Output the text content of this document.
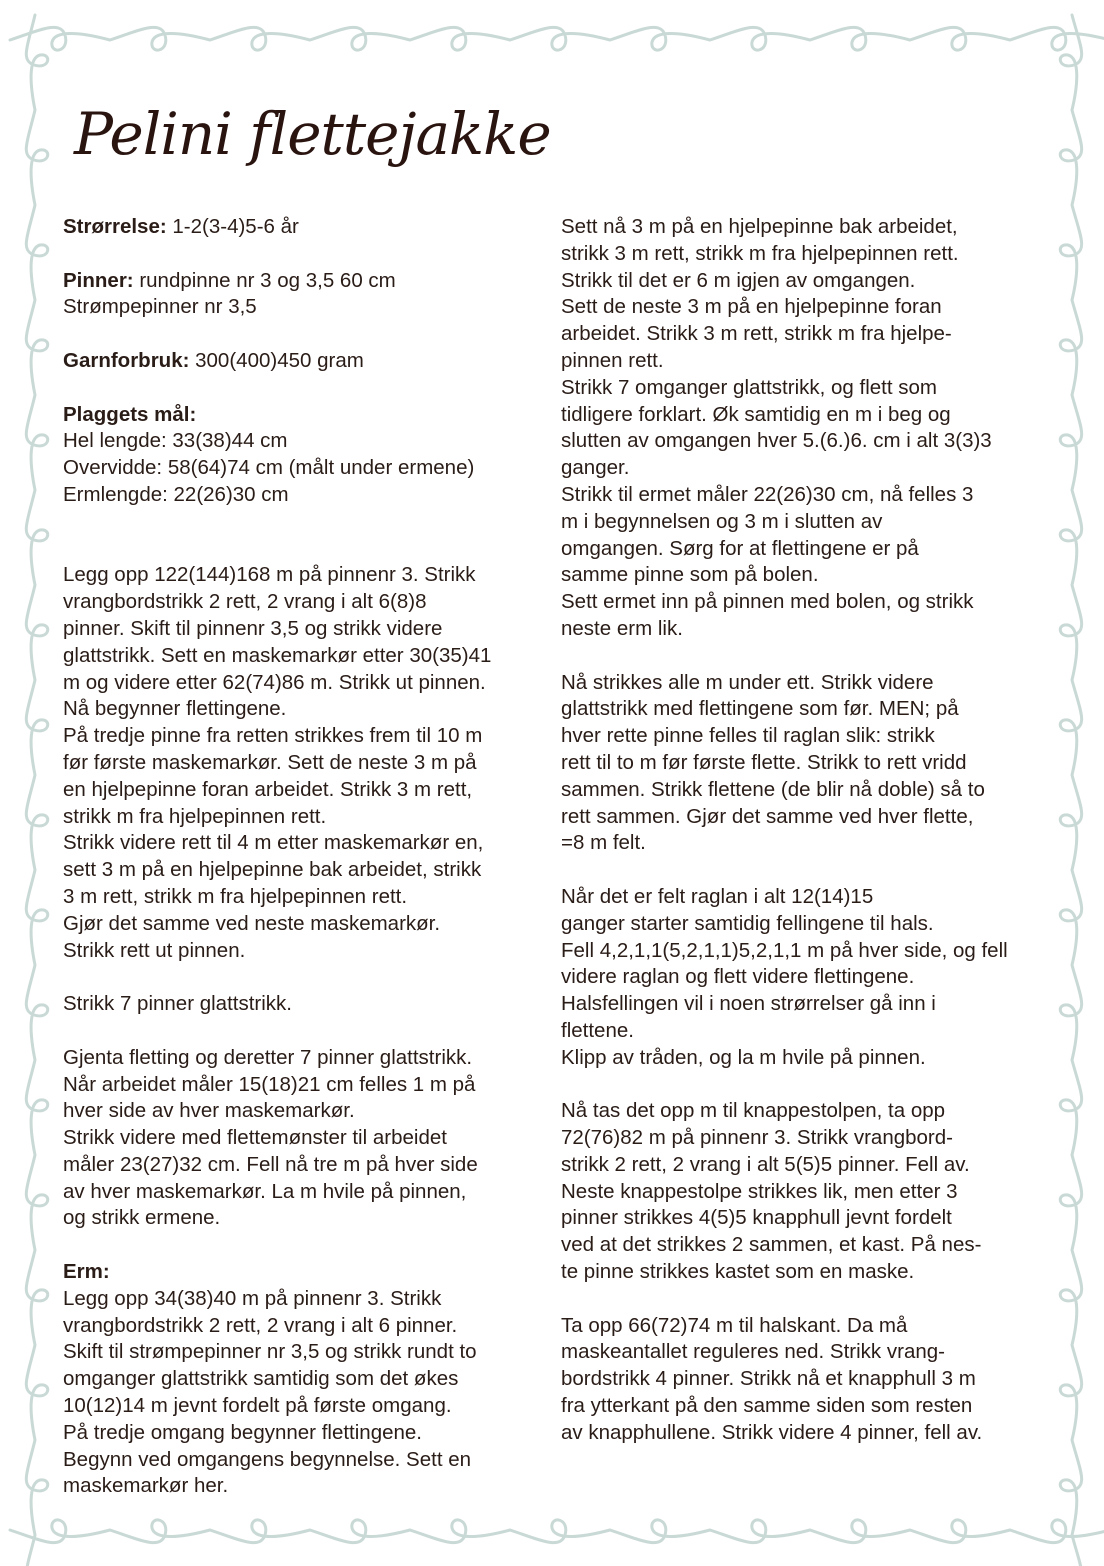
Pelini flettejakke
Strørrelse: 1-2(3-4)5-6 år
Pinner: rundpinne nr 3 og 3,5 60 cm
Strømpepinner nr 3,5
Garnforbruk: 300(400)450 gram
Plaggets mål:
Hel lengde: 33(38)44 cm
Overvidde: 58(64)74 cm (målt under ermene)
Ermlengde: 22(26)30 cm
Legg opp 122(144)168 m på pinnenr 3. Strikk
vrangbordstrikk 2 rett, 2 vrang i alt 6(8)8
pinner. Skift til pinnenr 3,5 og strikk videre
glattstrikk. Sett en maskemarkør etter 30(35)41
m og videre etter 62(74)86 m. Strikk ut pinnen.
Nå begynner flettingene.
På tredje pinne fra retten strikkes frem til 10 m
før første maskemarkør. Sett de neste 3 m på
en hjelpepinne foran arbeidet. Strikk 3 m rett,
strikk m fra hjelpepinnen rett.
Strikk videre rett til 4 m etter maskemarkør en,
sett 3 m på en hjelpepinne bak arbeidet, strikk
3 m rett, strikk m fra hjelpepinnen rett.
Gjør det samme ved neste maskemarkør.
Strikk rett ut pinnen.
Strikk 7 pinner glattstrikk.
Gjenta fletting og deretter 7 pinner glattstrikk.
Når arbeidet måler 15(18)21 cm felles 1 m på
hver side av hver maskemarkør.
Strikk videre med flettemønster til arbeidet
måler 23(27)32 cm. Fell nå tre m på hver side
av hver maskemarkør. La m hvile på pinnen,
og strikk ermene.
Erm:
Legg opp 34(38)40 m på pinnenr 3. Strikk
vrangbordstrikk 2 rett, 2 vrang i alt 6 pinner.
Skift til strømpepinner nr 3,5 og strikk rundt to
omganger glattstrikk samtidig som det økes
10(12)14 m jevnt fordelt på første omgang.
På tredje omgang begynner flettingene.
Begynn ved omgangens begynnelse. Sett en
maskemarkør her.
Sett nå 3 m på en hjelpepinne bak arbeidet,
strikk 3 m rett, strikk m fra hjelpepinnen rett.
Strikk til det er 6 m igjen av omgangen.
Sett de neste 3 m på en hjelpepinne foran
arbeidet. Strikk 3 m rett, strikk m fra hjelpe-
pinnen rett.
Strikk 7 omganger glattstrikk, og flett som
tidligere forklart. Øk samtidig en m i beg og
slutten av omgangen hver 5.(6.)6. cm i alt 3(3)3
ganger.
Strikk til ermet måler 22(26)30 cm, nå felles 3
m i begynnelsen og 3 m i slutten av
omgangen. Sørg for at flettingene er på
samme pinne som på bolen.
Sett ermet inn på pinnen med bolen, og strikk
neste erm lik.
Nå strikkes alle m under ett. Strikk videre
glattstrikk med flettingene som før. MEN; på
hver rette pinne felles til raglan slik: strikk
rett til to m før første flette. Strikk to rett vridd
sammen. Strikk flettene (de blir nå doble) så to
rett sammen. Gjør det samme ved hver flette,
=8 m felt.
Når det er felt raglan i alt 12(14)15
ganger starter samtidig fellingene til hals.
Fell 4,2,1,1(5,2,1,1)5,2,1,1 m på hver side, og fell
videre raglan og flett videre flettingene.
Halsfellingen vil i noen strørrelser gå inn i
flettene.
Klipp av tråden, og la m hvile på pinnen.
Nå tas det opp m til knappestolpen, ta opp
72(76)82 m på pinnenr 3. Strikk vrangbord-
strikk 2 rett, 2 vrang i alt 5(5)5 pinner. Fell av.
Neste knappestolpe strikkes lik, men etter 3
pinner strikkes 4(5)5 knapphull jevnt fordelt
ved at det strikkes 2 sammen, et kast. På nes-
te pinne strikkes kastet som en maske.
Ta opp 66(72)74 m til halskant. Da må
maskeantallet reguleres ned. Strikk vrang-
bordstrikk 4 pinner. Strikk nå et knapphull 3 m
fra ytterkant på den samme siden som resten
av knapphullene. Strikk videre 4 pinner, fell av.
